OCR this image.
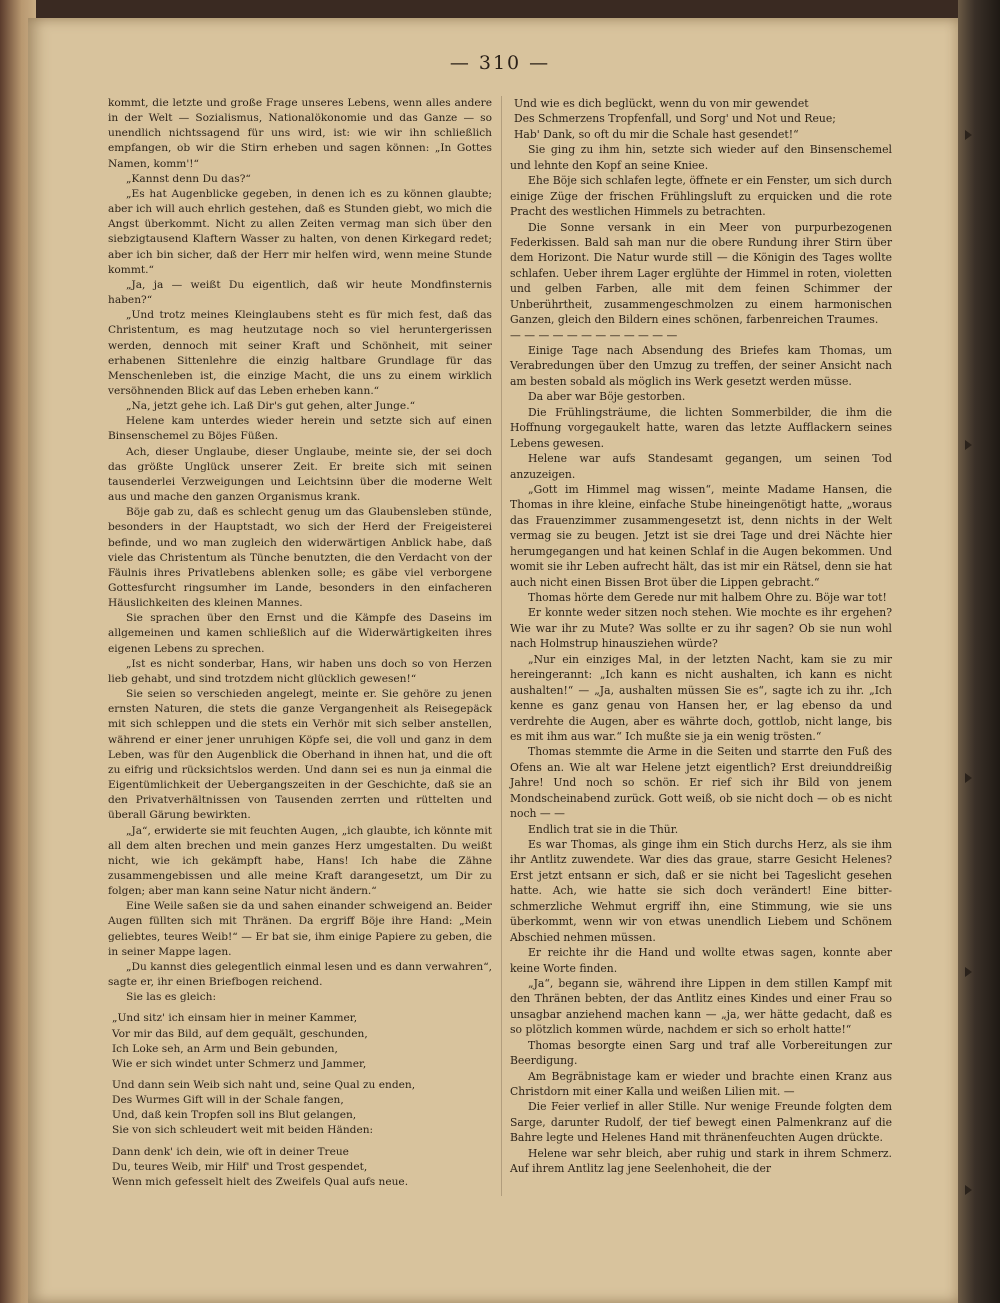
— 310 —

kommt, die letzte und große Frage unseres Lebens, wenn alles andere in der Welt — Sozialismus, Nationalökonomie und das Ganze — so unendlich nichtssagend für uns wird, ist: wie wir ihn schließlich empfangen, ob wir die Stirn erheben und sagen können: „In Gottes Namen, komm'!“

„Kannst denn Du das?“

„Es hat Augenblicke gegeben, in denen ich es zu können glaubte; aber ich will auch ehrlich gestehen, daß es Stunden giebt, wo mich die Angst überkommt. Nicht zu allen Zeiten vermag man sich über den siebzigtausend Klaftern Wasser zu halten, von denen Kirkegard redet; aber ich bin sicher, daß der Herr mir helfen wird, wenn meine Stunde kommt.“

„Ja, ja — weißt Du eigentlich, daß wir heute Mondfinsternis haben?“

„Und trotz meines Kleinglaubens steht es für mich fest, daß das Christentum, es mag heutzutage noch so viel heruntergerissen werden, dennoch mit seiner Kraft und Schönheit, mit seiner erhabenen Sittenlehre die einzig haltbare Grundlage für das Menschenleben ist, die einzige Macht, die uns zu einem wirklich versöhnenden Blick auf das Leben erheben kann.“

„Na, jetzt gehe ich. Laß Dir's gut gehen, alter Junge.“

Helene kam unterdes wieder herein und setzte sich auf einen Binsenschemel zu Böjes Füßen.

Ach, dieser Unglaube, dieser Unglaube, meinte sie, der sei doch das größte Unglück unserer Zeit. Er breite sich mit seinen tausenderlei Verzweigungen und Leichtsinn über die moderne Welt aus und mache den ganzen Organismus krank.

Böje gab zu, daß es schlecht genug um das Glaubensleben stünde, besonders in der Hauptstadt, wo sich der Herd der Freigeisterei befinde, und wo man zugleich den widerwärtigen Anblick habe, daß viele das Christentum als Tünche benutzten, die den Verdacht von der Fäulnis ihres Privatlebens ablenken solle; es gäbe viel verborgene Gottesfurcht ringsumher im Lande, besonders in den einfacheren Häuslichkeiten des kleinen Mannes.

Sie sprachen über den Ernst und die Kämpfe des Daseins im allgemeinen und kamen schließlich auf die Widerwärtigkeiten ihres eigenen Lebens zu sprechen.

„Ist es nicht sonderbar, Hans, wir haben uns doch so von Herzen lieb gehabt, und sind trotzdem nicht glücklich gewesen!“

Sie seien so verschieden angelegt, meinte er. Sie gehöre zu jenen ernsten Naturen, die stets die ganze Vergangenheit als Reisegepäck mit sich schleppen und die stets ein Verhör mit sich selber anstellen, während er einer jener unruhigen Köpfe sei, die voll und ganz in dem Leben, was für den Augenblick die Oberhand in ihnen hat, und die oft zu eifrig und rücksichtslos werden. Und dann sei es nun ja einmal die Eigentümlichkeit der Uebergangszeiten in der Geschichte, daß sie an den Privatverhältnissen von Tausenden zerrten und rüttelten und überall Gärung bewirkten.

„Ja“, erwiderte sie mit feuchten Augen, „ich glaubte, ich könnte mit all dem alten brechen und mein ganzes Herz umgestalten. Du weißt nicht, wie ich gekämpft habe, Hans! Ich habe die Zähne zusammengebissen und alle meine Kraft darangesetzt, um Dir zu folgen; aber man kann seine Natur nicht ändern.“

Eine Weile saßen sie da und sahen einander schweigend an. Beider Augen füllten sich mit Thränen. Da ergriff Böje ihre Hand: „Mein geliebtes, teures Weib!“ — Er bat sie, ihm einige Papiere zu geben, die in seiner Mappe lagen.

„Du kannst dies gelegentlich einmal lesen und es dann verwahren“, sagte er, ihr einen Briefbogen reichend.

Sie las es gleich:

„Und sitz' ich einsam hier in meiner Kammer,

Vor mir das Bild, auf dem gequält, geschunden,

Ich Loke seh, an Arm und Bein gebunden,

Wie er sich windet unter Schmerz und Jammer,

Und dann sein Weib sich naht und, seine Qual zu enden,

Des Wurmes Gift will in der Schale fangen,

Und, daß kein Tropfen soll ins Blut gelangen,

Sie von sich schleudert weit mit beiden Händen:

Dann denk' ich dein, wie oft in deiner Treue

Du, teures Weib, mir Hilf' und Trost gespendet,

Wenn mich gefesselt hielt des Zweifels Qual aufs neue.

Und wie es dich beglückt, wenn du von mir gewendet

Des Schmerzens Tropfenfall, und Sorg' und Not und Reue;

Hab' Dank, so oft du mir die Schale hast gesendet!“

Sie ging zu ihm hin, setzte sich wieder auf den Binsenschemel und lehnte den Kopf an seine Kniee.

Ehe Böje sich schlafen legte, öffnete er ein Fenster, um sich durch einige Züge der frischen Frühlingsluft zu erquicken und die rote Pracht des westlichen Himmels zu betrachten.

Die Sonne versank in ein Meer von purpurbezogenen Federkissen. Bald sah man nur die obere Rundung ihrer Stirn über dem Horizont. Die Natur wurde still — die Königin des Tages wollte schlafen. Ueber ihrem Lager erglühte der Himmel in roten, violetten und gelben Farben, alle mit dem feinen Schimmer der Unberührtheit, zusammengeschmolzen zu einem harmonischen Ganzen, gleich den Bildern eines schönen, farbenreichen Traumes.

— — — — — — — — — — — —

Einige Tage nach Absendung des Briefes kam Thomas, um Verabredungen über den Umzug zu treffen, der seiner Ansicht nach am besten sobald als möglich ins Werk gesetzt werden müsse.

Da aber war Böje gestorben.

Die Frühlingsträume, die lichten Sommerbilder, die ihm die Hoffnung vorgegaukelt hatte, waren das letzte Aufflackern seines Lebens gewesen.

Helene war aufs Standesamt gegangen, um seinen Tod anzuzeigen.

„Gott im Himmel mag wissen“, meinte Madame Hansen, die Thomas in ihre kleine, einfache Stube hineingenötigt hatte, „woraus das Frauenzimmer zusammengesetzt ist, denn nichts in der Welt vermag sie zu beugen. Jetzt ist sie drei Tage und drei Nächte hier herumgegangen und hat keinen Schlaf in die Augen bekommen. Und womit sie ihr Leben aufrecht hält, das ist mir ein Rätsel, denn sie hat auch nicht einen Bissen Brot über die Lippen gebracht.“

Thomas hörte dem Gerede nur mit halbem Ohre zu. Böje war tot!

Er konnte weder sitzen noch stehen. Wie mochte es ihr ergehen? Wie war ihr zu Mute? Was sollte er zu ihr sagen? Ob sie nun wohl nach Holmstrup hinausziehen würde?

„Nur ein einziges Mal, in der letzten Nacht, kam sie zu mir hereingerannt: „Ich kann es nicht aushalten, ich kann es nicht aushalten!“ — „Ja, aushalten müssen Sie es“, sagte ich zu ihr. „Ich kenne es ganz genau von Hansen her, er lag ebenso da und verdrehte die Augen, aber es währte doch, gottlob, nicht lange, bis es mit ihm aus war.“ Ich mußte sie ja ein wenig trösten.“

Thomas stemmte die Arme in die Seiten und starrte den Fuß des Ofens an. Wie alt war Helene jetzt eigentlich? Erst dreiunddreißig Jahre! Und noch so schön. Er rief sich ihr Bild von jenem Mondscheinabend zurück. Gott weiß, ob sie nicht doch — ob es nicht noch — —

Endlich trat sie in die Thür.

Es war Thomas, als ginge ihm ein Stich durchs Herz, als sie ihm ihr Antlitz zuwendete. War dies das graue, starre Gesicht Helenes? Erst jetzt entsann er sich, daß er sie nicht bei Tageslicht gesehen hatte. Ach, wie hatte sie sich doch verändert! Eine bitter-schmerzliche Wehmut ergriff ihn, eine Stimmung, wie sie uns überkommt, wenn wir von etwas unendlich Liebem und Schönem Abschied nehmen müssen.

Er reichte ihr die Hand und wollte etwas sagen, konnte aber keine Worte finden.

„Ja“, begann sie, während ihre Lippen in dem stillen Kampf mit den Thränen bebten, der das Antlitz eines Kindes und einer Frau so unsagbar anziehend machen kann — „ja, wer hätte gedacht, daß es so plötzlich kommen würde, nachdem er sich so erholt hatte!“

Thomas besorgte einen Sarg und traf alle Vorbereitungen zur Beerdigung.

Am Begräbnistage kam er wieder und brachte einen Kranz aus Christdorn mit einer Kalla und weißen Lilien mit. —

Die Feier verlief in aller Stille. Nur wenige Freunde folgten dem Sarge, darunter Rudolf, der tief bewegt einen Palmenkranz auf die Bahre legte und Helenes Hand mit thränenfeuchten Augen drückte.

Helene war sehr bleich, aber ruhig und stark in ihrem Schmerz. Auf ihrem Antlitz lag jene Seelenhoheit, die der
